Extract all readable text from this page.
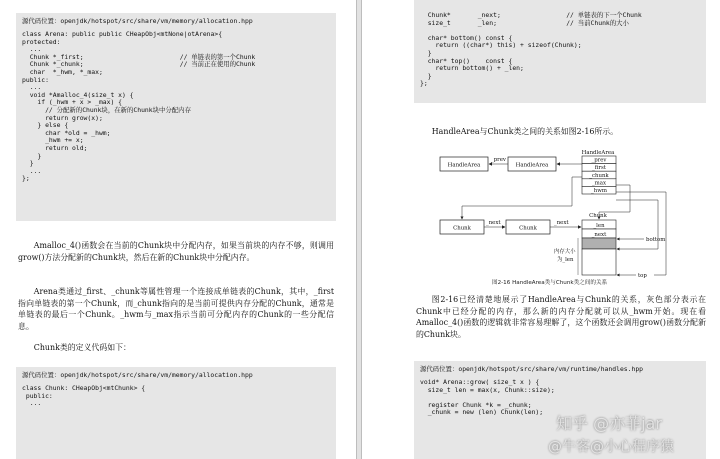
源代码位置：openjdk/hotspot/src/share/vm/memory/allocation.hpp
class Arena: public public CHeapObj<mtNone|otArena>{
protected:
...
Chunk *_first;                         // 单链表的第一个Chunk
Chunk *_chunk;                         // 当前正在使用的Chunk
char  *_hwm, *_max;
public:
...
void *Amalloc_4(size_t x) {
if (_hwm + x > _max) {
// 分配新的Chunk块，在新的Chunk块中分配内存
return grow(x);
} else {
char *old = _hwm;
_hwm += x;
return old;
}
}
...
};

Amalloc_4()函数会在当前的Chunk块中分配内存，如果当前块的内存不够，则调用grow()方法分配新的Chunk块，然后在新的Chunk块中分配内存。

Arena类通过_first、_chunk等属性管理一个连接成单链表的Chunk，其中，_first指向单链表的第一个Chunk，而_chunk指向的是当前可提供内存分配的Chunk，通常是单链表的最后一个Chunk。_hwm与_max指示当前可分配内存的Chunk的一些分配信息。

Chunk类的定义代码如下：

源代码位置：openjdk/hotspot/src/share/vm/memory/allocation.hpp
class Chunk: CHeapObj<mtChunk> {
public:
...
Chunk*       _next;                 // 单链表的下一个Chunk
size_t       _len;                  // 当前Chunk的大小

char* bottom() const {
return ((char*) this) + sizeof(Chunk);
}
char* top()    const {
return bottom() + _len;
}
};

HandleArea与Chunk类之间的关系如图2-16所示。

HandleArea	HandleArea
_prev
HandleArea
_prev
_first
_chunk
_max
_hwm
Chunk	Chunk
_next	_next
Chunk
_len
_next
bottom
top
内存大小
为_len

图2-16 HandleArea类与Chunk类之间的关系

图2-16已经清楚地展示了HandleArea与Chunk的关系，灰色部分表示在Chunk中已经分配的内存，那么新的内存分配就可以从_hwm开始。现在看Amalloc_4()函数的逻辑就非常容易理解了，这个函数还会调用grow()函数分配新的Chunk块。

源代码位置：openjdk/hotspot/src/share/vm/runtime/handles.hpp
void* Arena::grow( size_t x ) {
size_t len = max(x, Chunk::size);

register Chunk *k = _chunk;
_chunk = new (len) Chunk(len);
知乎 @亦菲jar
@牛客@小心程序猿
